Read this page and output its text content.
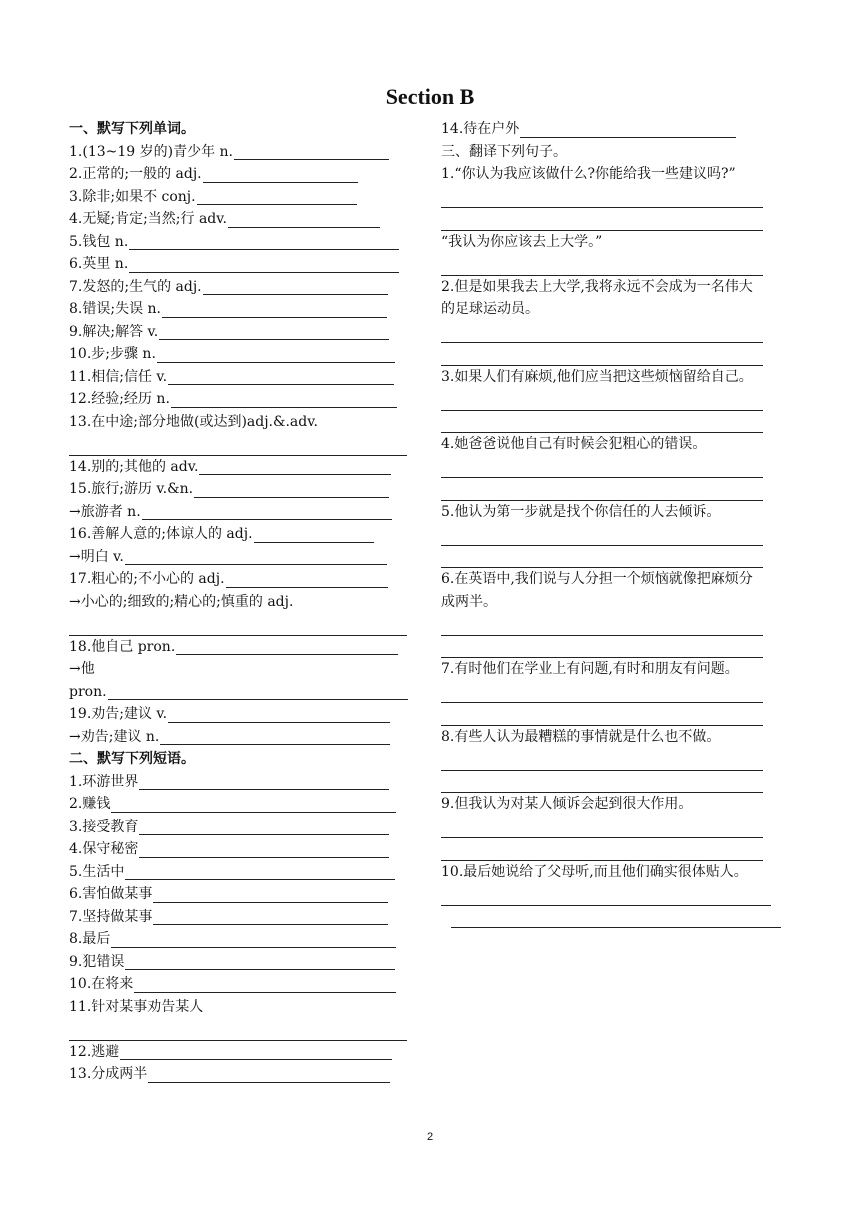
Section B
一、默写下列单词。
1.(13~19 岁的)青少年 n.
2.正常的;一般的 adj.
3.除非;如果不 conj.
4.无疑;肯定;当然;行 adv.
5.钱包 n.
6.英里 n.
7.发怒的;生气的 adj.
8.错误;失误 n.
9.解决;解答 v.
10.步;步骤 n.
11.相信;信任 v.
12.经验;经历 n.
13.在中途;部分地做(或达到)adj.&.adv.
14.别的;其他的 adv.
15.旅行;游历 v.&n.
→旅游者 n.
16.善解人意的;体谅人的 adj.
→明白 v.
17.粗心的;不小心的 adj.
→小心的;细致的;精心的;慎重的 adj.
18.他自己 pron.
→他
pron.
19.劝告;建议 v.
→劝告;建议 n.
二、默写下列短语。
1.环游世界
2.赚钱
3.接受教育
4.保守秘密
5.生活中
6.害怕做某事
7.坚持做某事
8.最后
9.犯错误
10.在将来
11.针对某事劝告某人
12.逃避
13.分成两半
14.待在户外
三、翻译下列句子。
1.“你认为我应该做什么?你能给我一些建议吗?”
“我认为你应该去上大学。”
2.但是如果我去上大学,我将永远不会成为一名伟大的足球运动员。
3.如果人们有麻烦,他们应当把这些烦恼留给自己。
4.她爸爸说他自己有时候会犯粗心的错误。
5.他认为第一步就是找个你信任的人去倾诉。
6.在英语中,我们说与人分担一个烦恼就像把麻烦分成两半。
7.有时他们在学业上有问题,有时和朋友有问题。
8.有些人认为最糟糕的事情就是什么也不做。
9.但我认为对某人倾诉会起到很大作用。
10.最后她说给了父母听,而且他们确实很体贴人。
2
